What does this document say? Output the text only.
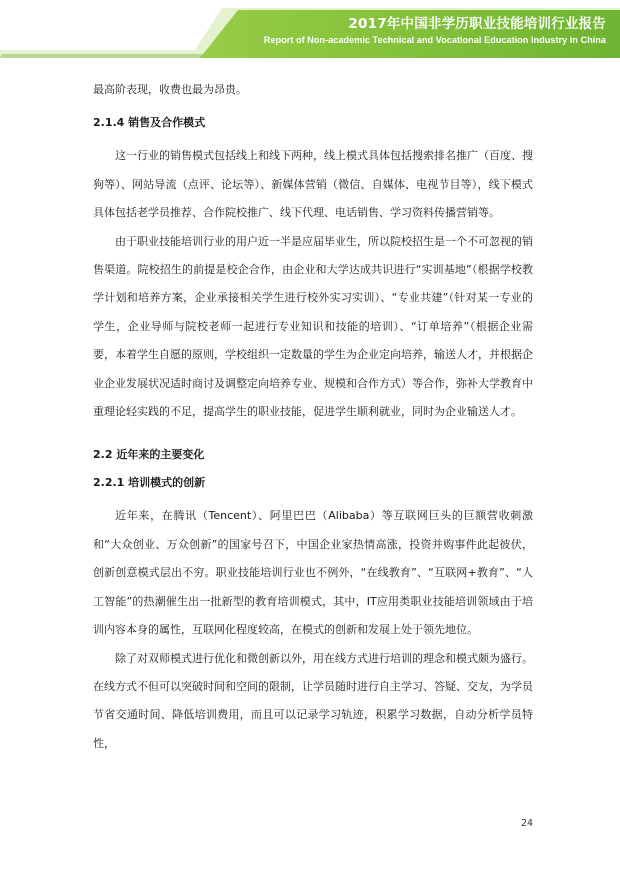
2017年中国非学历职业技能培训行业报告
Report of Non-academic Technical and Vocational Education Industry in China

最高阶表现，收费也最为昂贵。

2.1.4 销售及合作模式

这一行业的销售模式包括线上和线下两种，线上模式具体包括搜索排名推广（百度、搜狗等）、网站导流（点评、论坛等）、新媒体营销（微信、自媒体、电视节目等），线下模式具体包括老学员推荐、合作院校推广、线下代理、电话销售、学习资料传播营销等。

由于职业技能培训行业的用户近一半是应届毕业生，所以院校招生是一个不可忽视的销售渠道。院校招生的前提是校企合作，由企业和大学达成共识进行“实训基地”（根据学校教学计划和培养方案，企业承接相关学生进行校外实习实训）、“专业共建”（针对某一专业的学生，企业导师与院校老师一起进行专业知识和技能的培训）、“订单培养”（根据企业需要，本着学生自愿的原则，学校组织一定数量的学生为企业定向培养，输送人才，并根据企业企业发展状况适时商讨及调整定向培养专业、规模和合作方式）等合作，弥补大学教育中重理论轻实践的不足，提高学生的职业技能，促进学生顺利就业，同时为企业输送人才。

2.2 近年来的主要变化

2.2.1 培训模式的创新

近年来，在腾讯（Tencent）、阿里巴巴（Alibaba）等互联网巨头的巨额营收刺激和“大众创业、万众创新”的国家号召下，中国企业家热情高涨，投资并购事件此起彼伏，创新创意模式层出不穷。职业技能培训行业也不例外，“在线教育”、“互联网+教育”、“人工智能”的热潮催生出一批新型的教育培训模式，其中，IT应用类职业技能培训领域由于培训内容本身的属性，互联网化程度较高，在模式的创新和发展上处于领先地位。

除了对双师模式进行优化和微创新以外，用在线方式进行培训的理念和模式颇为盛行。在线方式不但可以突破时间和空间的限制，让学员随时进行自主学习、答疑、交友，为学员节省交通时间、降低培训费用，而且可以记录学习轨迹，积累学习数据，自动分析学员特性，

24
